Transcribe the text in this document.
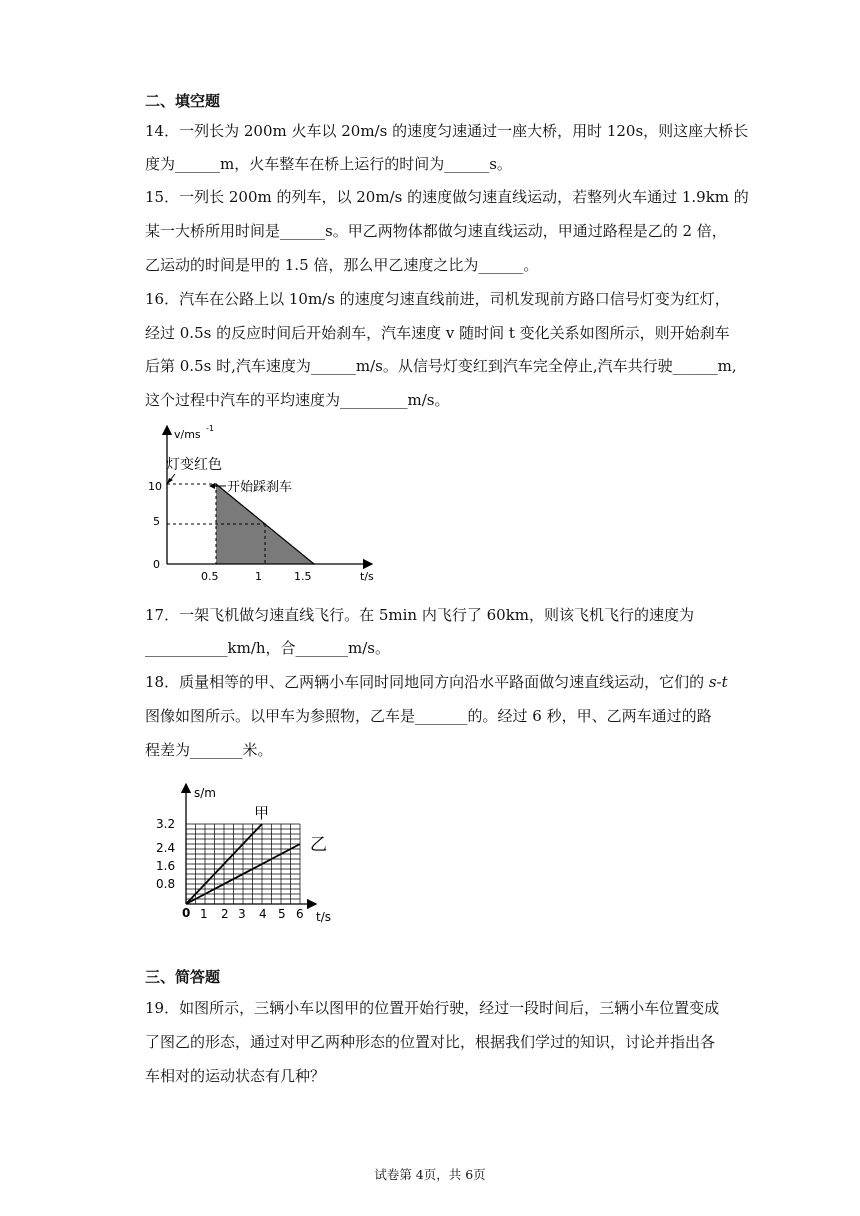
二、填空题
14．一列长为 200m 火车以 20m/s 的速度匀速通过一座大桥，用时 120s，则这座大桥长
度为______m，火车整车在桥上运行的时间为______s。
15．一列长 200m 的列车，以 20m/s 的速度做匀速直线运动，若整列火车通过 1.9km 的
某一大桥所用时间是______s。甲乙两物体都做匀速直线运动，甲通过路程是乙的 2 倍，
乙运动的时间是甲的 1.5 倍，那么甲乙速度之比为______。
16．汽车在公路上以 10m/s 的速度匀速直线前进，司机发现前方路口信号灯变为红灯，
经过 0.5s 的反应时间后开始刹车，汽车速度 v 随时间 t 变化关系如图所示，则开始刹车
后第 0.5s 时,汽车速度为______m/s。从信号灯变红到汽车完全停止,汽车共行驶______m,
这个过程中汽车的平均速度为_________m/s。
v/ms -1
t/s
10
5
0
0.5	1	1.5
灯变红色
开始踩刹车
17．一架飞机做匀速直线飞行。在 5min 内飞行了 60km，则该飞机飞行的速度为
___________km/h，合_______m/s。
18．质量相等的甲、乙两辆小车同时同地同方向沿水平路面做匀速直线运动，它们的 s-t
图像如图所示。以甲车为参照物，乙车是_______的。经过 6 秒，甲、乙两车通过的路
程差为_______米。
s/m
t/s
3.2
2.4
1.6
0.8
0 1 2 3 4 5 6
甲
乙
三、简答题
19．如图所示，三辆小车以图甲的位置开始行驶，经过一段时间后，三辆小车位置变成
了图乙的形态，通过对甲乙两种形态的位置对比，根据我们学过的知识，讨论并指出各
车相对的运动状态有几种？
试卷第 4页，共 6页
